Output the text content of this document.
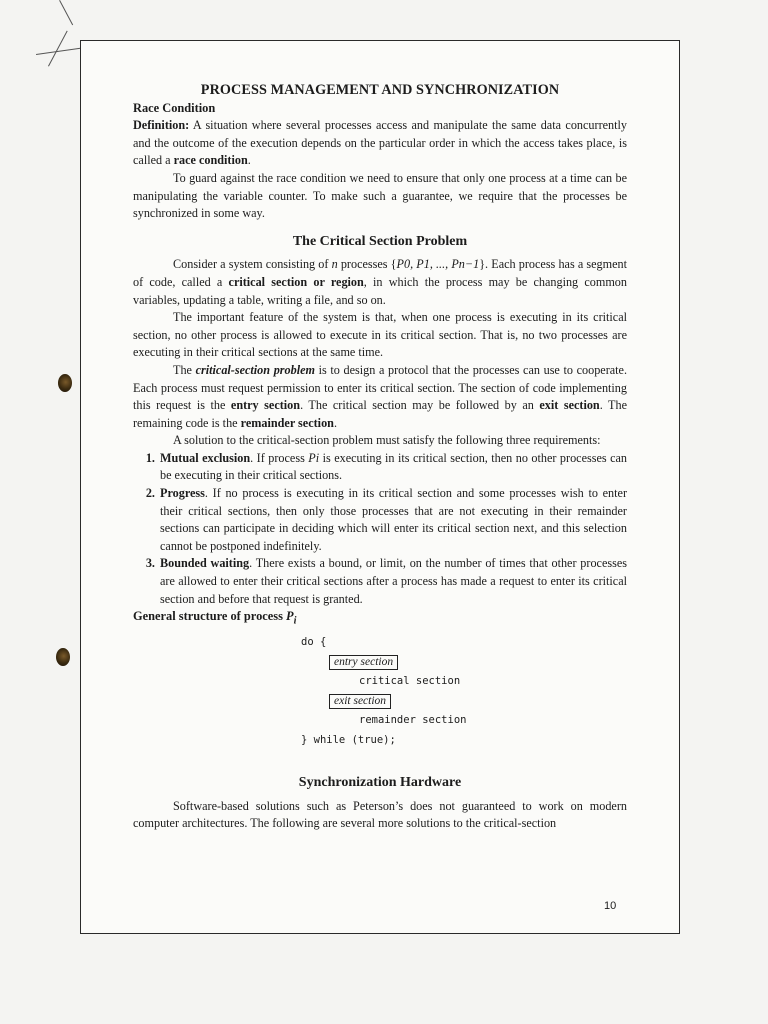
PROCESS MANAGEMENT AND SYNCHRONIZATION

Race Condition

Definition: A situation where several processes access and manipulate the same data concurrently and the outcome of the execution depends on the particular order in which the access takes place, is called a race condition.

To guard against the race condition we need to ensure that only one process at a time can be manipulating the variable counter. To make such a guarantee, we require that the processes be synchronized in some way.

The Critical Section Problem

Consider a system consisting of n processes {P0, P1, ..., Pn−1}. Each process has a segment of code, called a critical section or region, in which the process may be changing common variables, updating a table, writing a file, and so on.

The important feature of the system is that, when one process is executing in its critical section, no other process is allowed to execute in its critical section. That is, no two processes are executing in their critical sections at the same time.

The critical-section problem is to design a protocol that the processes can use to cooperate. Each process must request permission to enter its critical section. The section of code implementing this request is the entry section. The critical section may be followed by an exit section. The remaining code is the remainder section.

A solution to the critical-section problem must satisfy the following three requirements:

1. Mutual exclusion. If process Pi is executing in its critical section, then no other processes can be executing in their critical sections.
2. Progress. If no process is executing in its critical section and some processes wish to enter their critical sections, then only those processes that are not executing in their remainder sections can participate in deciding which will enter its critical section next, and this selection cannot be postponed indefinitely.
3. Bounded waiting. There exists a bound, or limit, on the number of times that other processes are allowed to enter their critical sections after a process has made a request to enter its critical section and before that request is granted.

General structure of process $P_i$

do {
entry section
critical section
exit section
remainder section
} while (true);
Synchronization Hardware

Software-based solutions such as Peterson’s does not guaranteed to work on modern computer architectures. The following are several more solutions to the critical-section

10
